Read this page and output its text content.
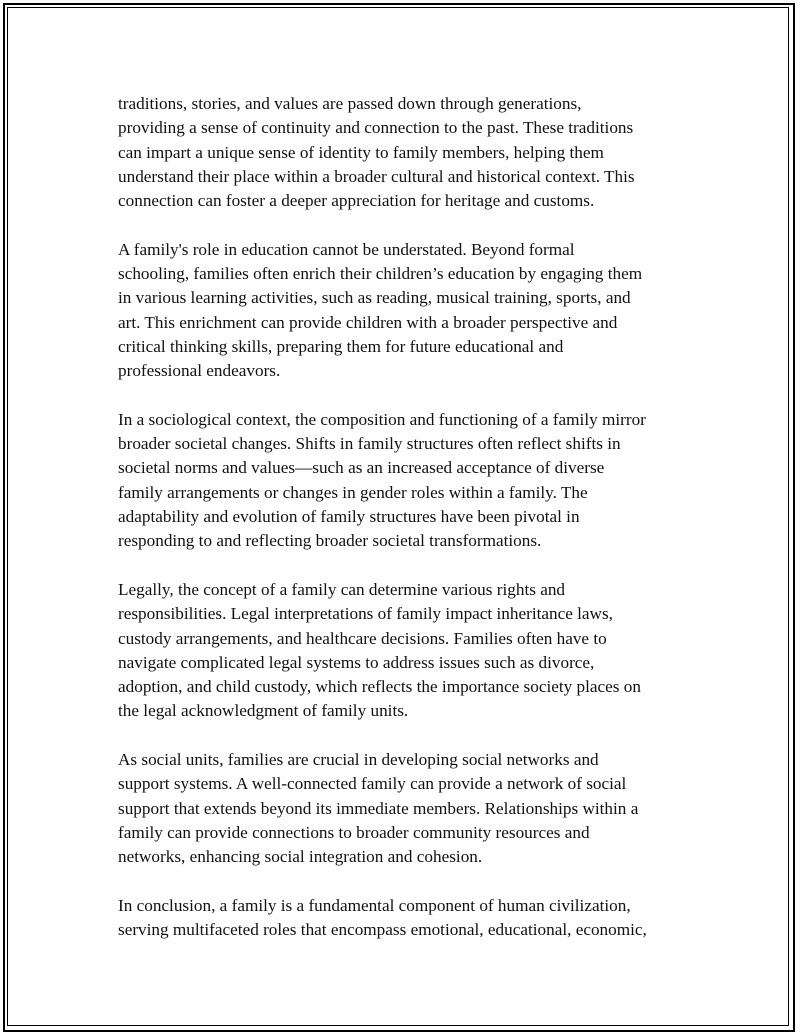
traditions, stories, and values are passed down through generations,
providing a sense of continuity and connection to the past. These traditions
can impart a unique sense of identity to family members, helping them
understand their place within a broader cultural and historical context. This
connection can foster a deeper appreciation for heritage and customs.

A family's role in education cannot be understated. Beyond formal
schooling, families often enrich their children’s education by engaging them
in various learning activities, such as reading, musical training, sports, and
art. This enrichment can provide children with a broader perspective and
critical thinking skills, preparing them for future educational and
professional endeavors.

In a sociological context, the composition and functioning of a family mirror
broader societal changes. Shifts in family structures often reflect shifts in
societal norms and values—such as an increased acceptance of diverse
family arrangements or changes in gender roles within a family. The
adaptability and evolution of family structures have been pivotal in
responding to and reflecting broader societal transformations.

Legally, the concept of a family can determine various rights and
responsibilities. Legal interpretations of family impact inheritance laws,
custody arrangements, and healthcare decisions. Families often have to
navigate complicated legal systems to address issues such as divorce,
adoption, and child custody, which reflects the importance society places on
the legal acknowledgment of family units.

As social units, families are crucial in developing social networks and
support systems. A well-connected family can provide a network of social
support that extends beyond its immediate members. Relationships within a
family can provide connections to broader community resources and
networks, enhancing social integration and cohesion.

In conclusion, a family is a fundamental component of human civilization,
serving multifaceted roles that encompass emotional, educational, economic,
